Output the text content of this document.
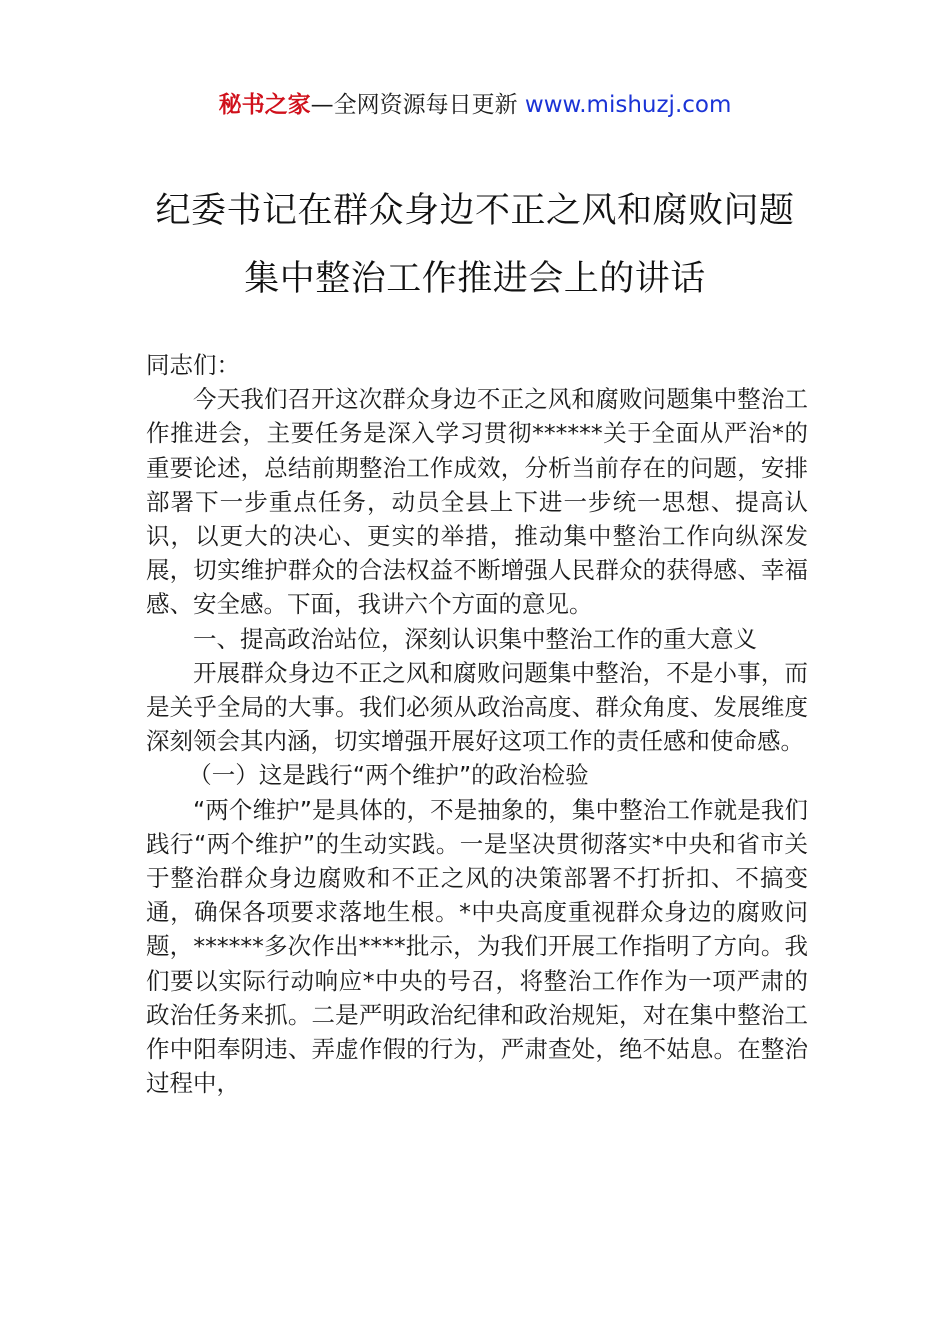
秘书之家—全网资源每日更新 www.mishuzj.com
纪委书记在群众身边不正之风和腐败问题
集中整治工作推进会上的讲话

同志们：

今天我们召开这次群众身边不正之风和腐败问题集中整治工作推进会，主要任务是深入学习贯彻******关于全面从严治*的重要论述，总结前期整治工作成效，分析当前存在的问题，安排部署下一步重点任务，动员全县上下进一步统一思想、提高认识，以更大的决心、更实的举措，推动集中整治工作向纵深发展，切实维护群众的合法权益不断增强人民群众的获得感、幸福感、安全感。下面，我讲六个方面的意见。

一、提高政治站位，深刻认识集中整治工作的重大意义

开展群众身边不正之风和腐败问题集中整治，不是小事，而是关乎全局的大事。我们必须从政治高度、群众角度、发展维度深刻领会其内涵，切实增强开展好这项工作的责任感和使命感。

（一）这是践行“两个维护”的政治检验

“两个维护”是具体的，不是抽象的，集中整治工作就是我们践行“两个维护”的生动实践。一是坚决贯彻落实*中央和省市关于整治群众身边腐败和不正之风的决策部署不打折扣、不搞变通，确保各项要求落地生根。*中央高度重视群众身边的腐败问题，******多次作出****批示，为我们开展工作指明了方向。我们要以实际行动响应*中央的号召，将整治工作作为一项严肃的政治任务来抓。二是严明政治纪律和政治规矩，对在集中整治工作中阳奉阴违、弄虚作假的行为，严肃查处，绝不姑息。在整治过程中，
